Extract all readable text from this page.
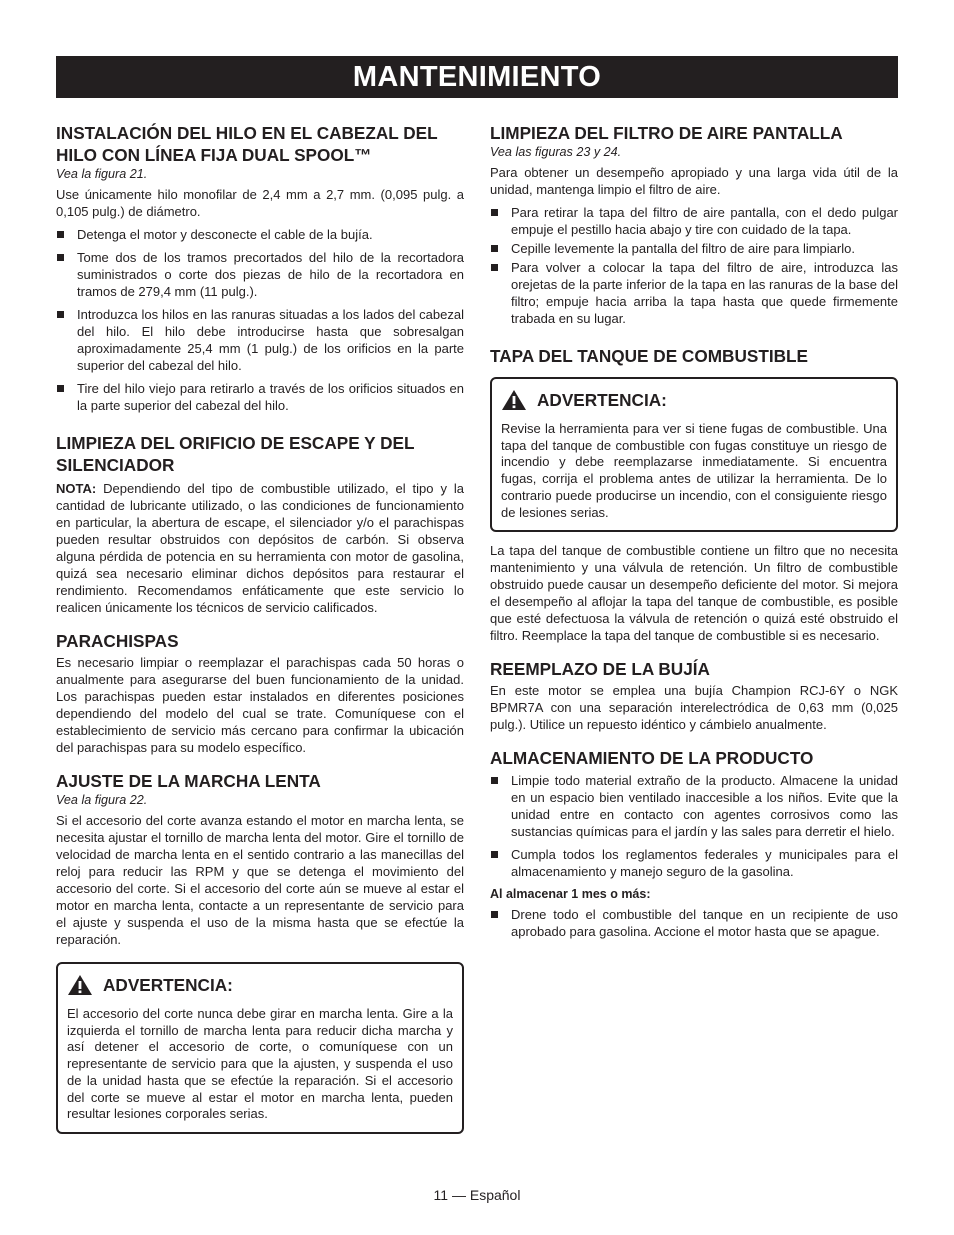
MANTENIMIENTO
INSTALACIÓN DEL HILO EN EL CABEZAL DEL HILO CON LÍNEA FIJA DUAL SPOOL™
Vea la figura 21.

Use únicamente hilo monofilar de 2,4 mm a 2,7 mm. (0,095 pulg. a 0,105 pulg.) de diámetro.

Detenga el motor y desconecte el cable de la bujía.
Tome dos de los tramos precortados del hilo de la recortadora suministrados o corte dos piezas de hilo de la recortadora en tramos de 279,4 mm (11 pulg.).
Introduzca los hilos en las ranuras situadas a los lados del cabezal del hilo. El hilo debe introducirse hasta que sobresalgan aproximadamente 25,4 mm (1 pulg.) de los orificios en la parte superior del cabezal del hilo.
Tire del hilo viejo para retirarlo a través de los orificios situados en la parte superior del cabezal del hilo.
LIMPIEZA DEL ORIFICIO DE ESCAPE Y DEL SILENCIADOR

NOTA: Dependiendo del tipo de combustible utilizado, el tipo y la cantidad de lubricante utilizado, o las condiciones de funcionamiento en particular, la abertura de escape, el silenciador y/o el parachispas pueden resultar obstruidos con depósitos de carbón. Si observa alguna pérdida de potencia en su herramienta con motor de gasolina, quizá sea necesario eliminar dichos depósitos para restaurar el rendimiento. Recomendamos enfáticamente que este servicio lo realicen únicamente los técnicos de servicio calificados.

PARACHISPAS

Es necesario limpiar o reemplazar el parachispas cada 50 horas o anualmente para asegurarse del buen funcionamiento de la unidad. Los parachispas pueden estar instalados en diferentes posiciones dependiendo del modelo del cual se trate. Comuníquese con el establecimiento de servicio más cercano para confirmar la ubicación del parachispas para su modelo específico.

AJUSTE DE LA MARCHA LENTA
Vea la figura 22.

Si el accesorio del corte avanza estando el motor en marcha lenta, se necesita ajustar el tornillo de marcha lenta del motor. Gire el tornillo de velocidad de marcha lenta en el sentido contrario a las manecillas del reloj para reducir las RPM y que se detenga el movimiento del accesorio del corte. Si el accesorio del corte aún se mueve al estar el motor en marcha lenta, contacte a un representante de servicio para el ajuste y suspenda el uso de la misma hasta que se efectúe la reparación.

ADVERTENCIA:

El accesorio del corte nunca debe girar en marcha lenta. Gire a la izquierda el tornillo de marcha lenta para reducir dicha marcha y así detener el accesorio de corte, o comuníquese con un representante de servicio para que la ajusten, y suspenda el uso de la unidad hasta que se efectúe la reparación. Si el accesorio del corte se mueve al estar el motor en marcha lenta, pueden resultar lesiones corporales serias.

LIMPIEZA DEL FILTRO DE AIRE PANTALLA
Vea las figuras 23 y 24.

Para obtener un desempeño apropiado y una larga vida útil de la unidad, mantenga limpio el filtro de aire.

Para retirar la tapa del filtro de aire pantalla, con el dedo pulgar empuje el pestillo hacia abajo y tire con cuidado de la tapa.
Cepille levemente la pantalla del filtro de aire para limpiarlo.
Para volver a colocar la tapa del filtro de aire, introduzca las orejetas de la parte inferior de la tapa en las ranuras de la base del filtro; empuje hacia arriba la tapa hasta que quede firmemente trabada en su lugar.
TAPA DEL TANQUE DE COMBUSTIBLE
ADVERTENCIA:

Revise la herramienta para ver si tiene fugas de combustible. Una tapa del tanque de combustible con fugas constituye un riesgo de incendio y debe reemplazarse inmediatamente. Si encuentra fugas, corrija el problema antes de utilizar la herramienta. De lo contrario puede producirse un incendio, con el consiguiente riesgo de lesiones serias.

La tapa del tanque de combustible contiene un filtro que no necesita mantenimiento y una válvula de retención. Un filtro de combustible obstruido puede causar un desempeño deficiente del motor. Si mejora el desempeño al aflojar la tapa del tanque de combustible, es posible que esté defectuosa la válvula de retención o quizá esté obstruido el filtro. Reemplace la tapa del tanque de combustible si es necesario.

REEMPLAZO DE LA BUJÍA

En este motor se emplea una bujía Champion RCJ-6Y o NGK BPMR7A con una separación interelectródica de 0,63 mm (0,025 pulg.). Utilice un repuesto idéntico y cámbielo anualmente.

ALMACENAMIENTO DE LA PRODUCTO
Limpie todo material extraño de la producto. Almacene la unidad en un espacio bien ventilado inaccesible a los niños. Evite que la unidad entre en contacto con agentes corrosivos como las sustancias químicas para el jardín y las sales para derretir el hielo.
Cumpla todos los reglamentos federales y municipales para el almacenamiento y manejo seguro de la gasolina.
Al almacenar 1 mes o más:
Drene todo el combustible del tanque en un recipiente de uso aprobado para gasolina. Accione el motor hasta que se apague.
11 — Español
